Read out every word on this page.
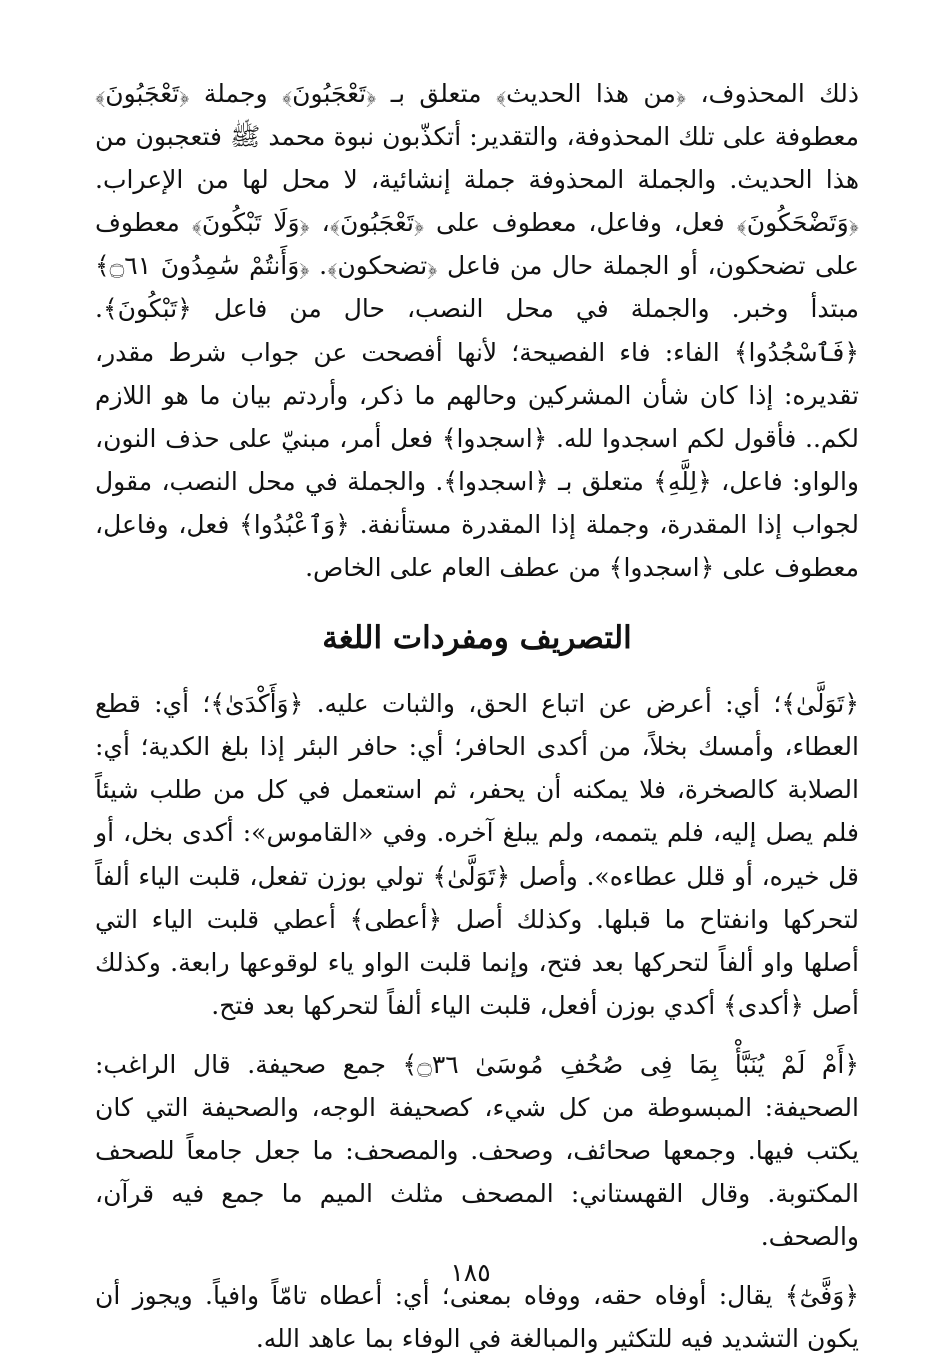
ذلك المحذوف، ﴿من هذا الحديث﴾ متعلق بـ ﴿تَعْجَبُونَ﴾ وجملة ﴿تَعْجَبُونَ﴾ معطوفة على تلك المحذوفة، والتقدير: أتكذّبون نبوة محمد ﷺ فتعجبون من هذا الحديث. والجملة المحذوفة جملة إنشائية، لا محل لها من الإعراب. ﴿وَتَضْحَكُونَ﴾ فعل، وفاعل، معطوف على ﴿تَعْجَبُونَ﴾، ﴿وَلَا تَبْكُونَ﴾ معطوف على تضحكون، أو الجملة حال من فاعل ﴿تضحكون﴾. ﴿وَأَنتُمْ سَٰمِدُونَ ۝٦١﴾ مبتدأ وخبر. والجملة في محل النصب، حال من فاعل ﴿تَبْكُونَ﴾. ﴿فَٱسْجُدُوا﴾ الفاء: فاء الفصيحة؛ لأنها أفصحت عن جواب شرط مقدر، تقديره: إذا كان شأن المشركين وحالهم ما ذكر، وأردتم بيان ما هو اللازم لكم.. فأقول لكم اسجدوا لله. ﴿اسجدوا﴾ فعل أمر، مبنيّ على حذف النون، والواو: فاعل، ﴿لِلَّهِ﴾ متعلق بـ ﴿اسجدوا﴾. والجملة في محل النصب، مقول لجواب إذا المقدرة، وجملة إذا المقدرة مستأنفة. ﴿وَٱعْبُدُوا﴾ فعل، وفاعل، معطوف على ﴿اسجدوا﴾ من عطف العام على الخاص.

التصريف ومفردات اللغة

﴿تَوَلَّىٰ﴾؛ أي: أعرض عن اتباع الحق، والثبات عليه. ﴿وَأَكْدَىٰ﴾؛ أي: قطع العطاء، وأمسك بخلاً، من أكدى الحافر؛ أي: حافر البئر إذا بلغ الكدية؛ أي: الصلابة كالصخرة، فلا يمكنه أن يحفر، ثم استعمل في كل من طلب شيئاً فلم يصل إليه، فلم يتممه، ولم يبلغ آخره. وفي «القاموس»: أكدى بخل، أو قل خيره، أو قلل عطاءه». وأصل ﴿تَوَلَّىٰ﴾ تولي بوزن تفعل، قلبت الياء ألفاً لتحركها وانفتاح ما قبلها. وكذلك أصل ﴿أعطى﴾ أعطي قلبت الياء التي أصلها واو ألفاً لتحركها بعد فتح، وإنما قلبت الواو ياء لوقوعها رابعة. وكذلك أصل ﴿أكدى﴾ أكدي بوزن أفعل، قلبت الياء ألفاً لتحركها بعد فتح.

﴿أَمْ لَمْ يُنَبَّأْ بِمَا فِى صُحُفِ مُوسَىٰ ۝٣٦﴾ جمع صحيفة. قال الراغب: الصحيفة: المبسوطة من كل شيء، كصحيفة الوجه، والصحيفة التي كان يكتب فيها. وجمعها صحائف، وصحف. والمصحف: ما جعل جامعاً للصحف المكتوبة. وقال القهستاني: المصحف مثلث الميم ما جمع فيه قرآن، والصحف.

﴿وَفَّىٰٓ﴾ يقال: أوفاه حقه، ووفاه بمعنى؛ أي: أعطاه تامّاً وافياً. ويجوز أن يكون التشديد فيه للتكثير والمبالغة في الوفاء بما عاهد الله.

١٨٥
